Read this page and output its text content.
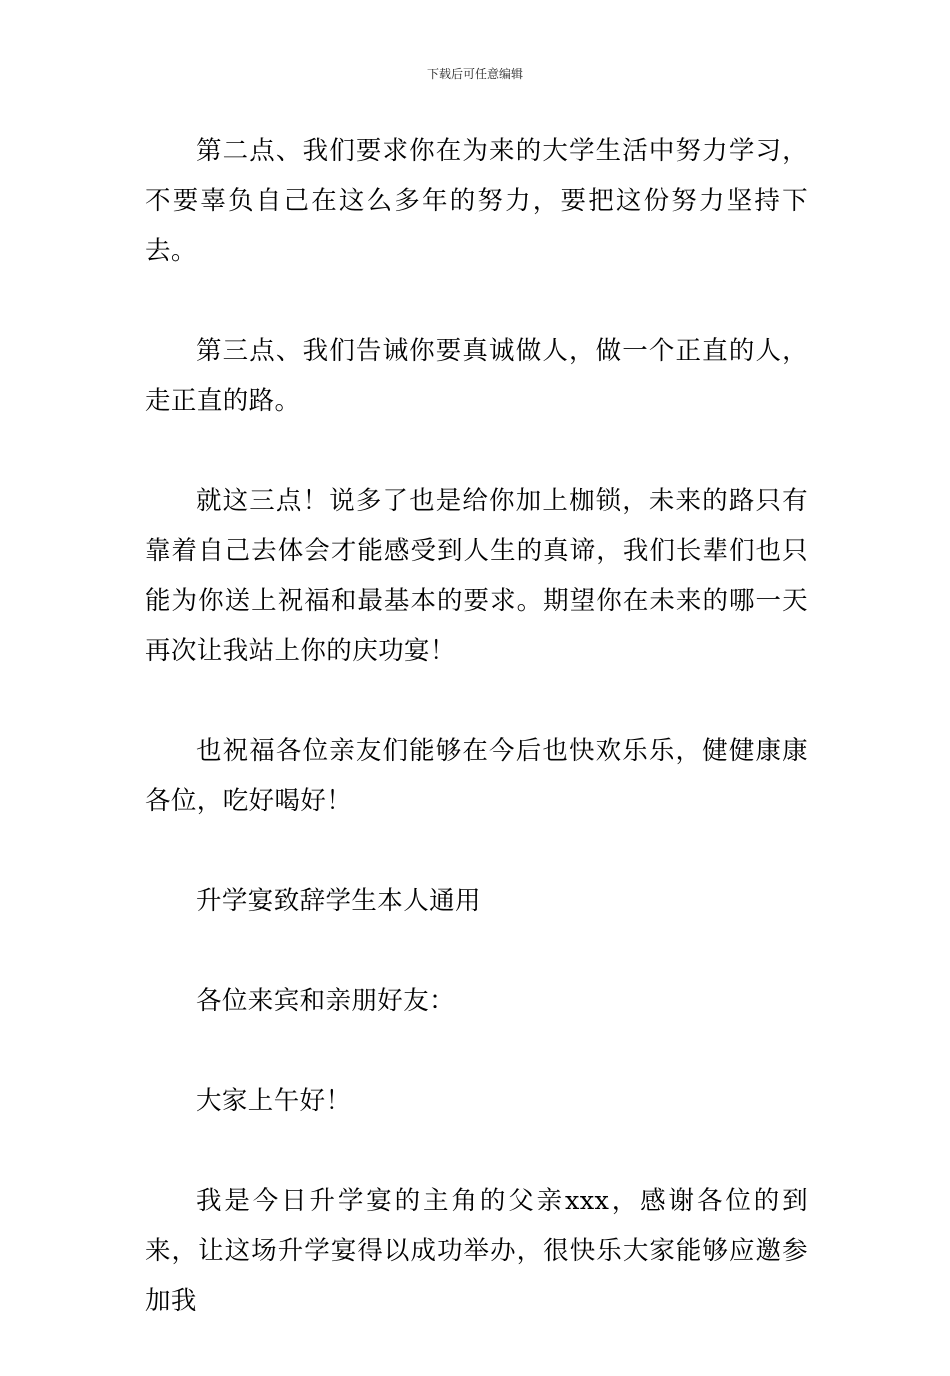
下载后可任意编辑

第二点、我们要求你在为来的大学生活中努力学习，不要辜负自己在这么多年的努力，要把这份努力坚持下去。

第三点、我们告诫你要真诚做人，做一个正直的人，走正直的路。

就这三点！说多了也是给你加上枷锁，未来的路只有靠着自己去体会才能感受到人生的真谛，我们长辈们也只能为你送上祝福和最基本的要求。期望你在未来的哪一天再次让我站上你的庆功宴！

也祝福各位亲友们能够在今后也快欢乐乐，健健康康各位，吃好喝好！

升学宴致辞学生本人通用

各位来宾和亲朋好友：

大家上午好！

我是今日升学宴的主角的父亲xxx，感谢各位的到来，让这场升学宴得以成功举办，很快乐大家能够应邀参加我
